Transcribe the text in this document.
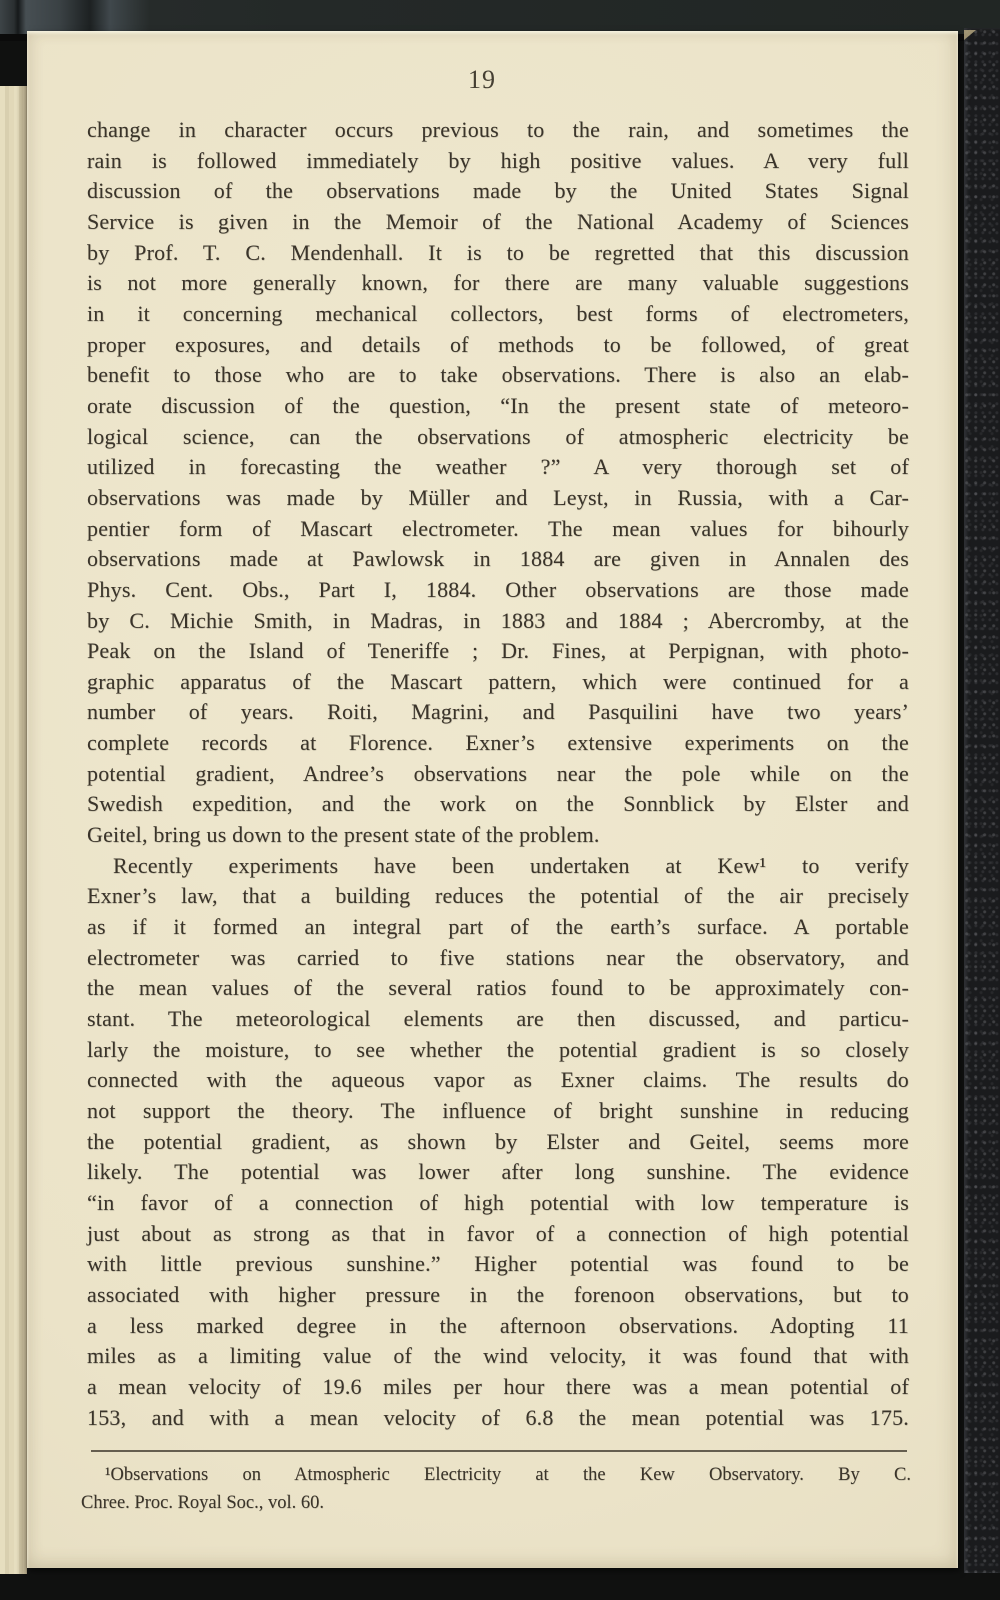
19
change in character occurs previous to the rain, and sometimes the
rain is followed immediately by high positive values. A very full
discussion of the observations made by the United States Signal
Service is given in the Memoir of the National Academy of Sciences
by Prof. T. C. Mendenhall. It is to be regretted that this discussion
is not more generally known, for there are many valuable suggestions
in it concerning mechanical collectors, best forms of electrometers,
proper exposures, and details of methods to be followed, of great
benefit to those who are to take observations. There is also an elab-
orate discussion of the question, “In the present state of meteoro-
logical science, can the observations of atmospheric electricity be
utilized in forecasting the weather ?” A very thorough set of
observations was made by Müller and Leyst, in Russia, with a Car-
pentier form of Mascart electrometer. The mean values for bihourly
observations made at Pawlowsk in 1884 are given in Annalen des
Phys. Cent. Obs., Part I, 1884. Other observations are those made
by C. Michie Smith, in Madras, in 1883 and 1884 ; Abercromby, at the
Peak on the Island of Teneriffe ; Dr. Fines, at Perpignan, with photo-
graphic apparatus of the Mascart pattern, which were continued for a
number of years. Roiti, Magrini, and Pasquilini have two years’
complete records at Florence. Exner’s extensive experiments on the
potential gradient, Andree’s observations near the pole while on the
Swedish expedition, and the work on the Sonnblick by Elster and
Geitel, bring us down to the present state of the problem.
Recently experiments have been undertaken at Kew¹ to verify
Exner’s law, that a building reduces the potential of the air precisely
as if it formed an integral part of the earth’s surface. A portable
electrometer was carried to five stations near the observatory, and
the mean values of the several ratios found to be approximately con-
stant. The meteorological elements are then discussed, and particu-
larly the moisture, to see whether the potential gradient is so closely
connected with the aqueous vapor as Exner claims. The results do
not support the theory. The influence of bright sunshine in reducing
the potential gradient, as shown by Elster and Geitel, seems more
likely. The potential was lower after long sunshine. The evidence
“in favor of a connection of high potential with low temperature is
just about as strong as that in favor of a connection of high potential
with little previous sunshine.” Higher potential was found to be
associated with higher pressure in the forenoon observations, but to
a less marked degree in the afternoon observations. Adopting 11
miles as a limiting value of the wind velocity, it was found that with
a mean velocity of 19.6 miles per hour there was a mean potential of
153, and with a mean velocity of 6.8 the mean potential was 175.
¹Observations on Atmospheric Electricity at the Kew Observatory. By C.
Chree. Proc. Royal Soc., vol. 60.
